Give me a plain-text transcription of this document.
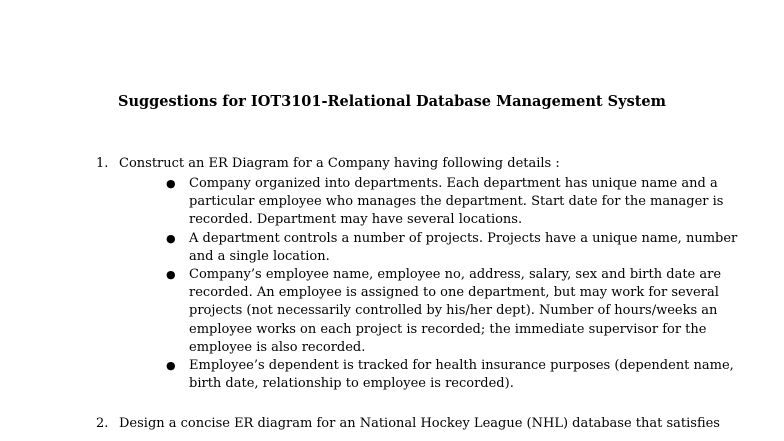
Suggestions for IOT3101-Relational Database Management System
1. Construct an ER Diagram for a Company having following details :
● Company organized into departments. Each department has unique name and a particular employee who manages the department. Start date for the manager is recorded. Department may have several locations.
● A department controls a number of projects. Projects have a unique name, number and a single location.
● Company’s employee name, employee no, address, salary, sex and birth date are recorded. An employee is assigned to one department, but may work for several projects (not necessarily controlled by his/her dept). Number of hours/weeks an employee works on each project is recorded; the immediate supervisor for the employee is also recorded.
● Employee’s dependent is tracked for health insurance purposes (dependent name, birth date, relationship to employee is recorded).
2. Design a concise ER diagram for an National Hockey League (NHL) database that satisfies
